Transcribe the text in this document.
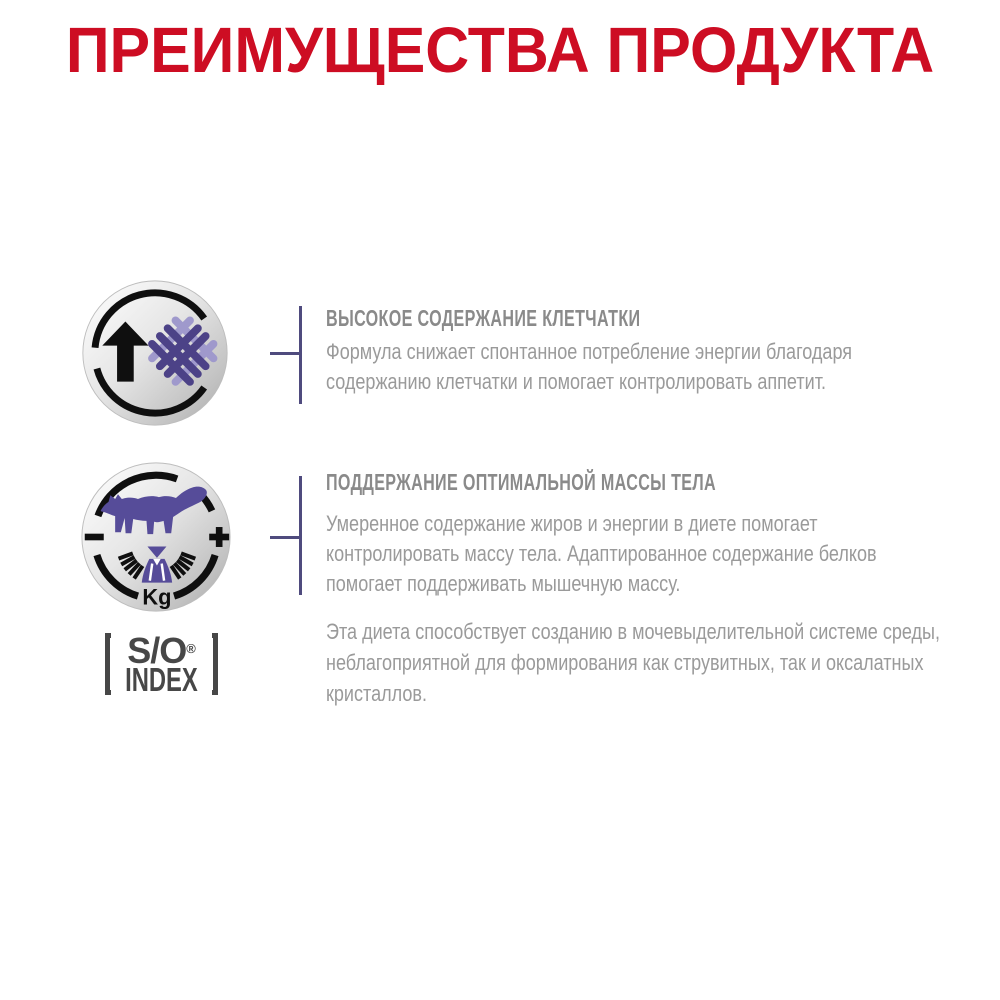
ПРЕИМУЩЕСТВА ПРОДУКТА
ВЫСОКОЕ СОДЕРЖАНИЕ КЛЕТЧАТКИ
Формула снижает спонтанное потребление энергии благодаря
содержанию клетчатки и помогает контролировать аппетит.
Kg
ПОДДЕРЖАНИЕ ОПТИМАЛЬНОЙ МАССЫ ТЕЛА
Умеренное содержание жиров и энергии в диете помогает
контролировать массу тела. Адаптированное содержание белков
помогает поддерживать мышечную массу.
S/O®
INDEX
Эта диета способствует созданию в мочевыделительной системе среды,
неблагоприятной для формирования как струвитных, так и оксалатных
кристаллов.
